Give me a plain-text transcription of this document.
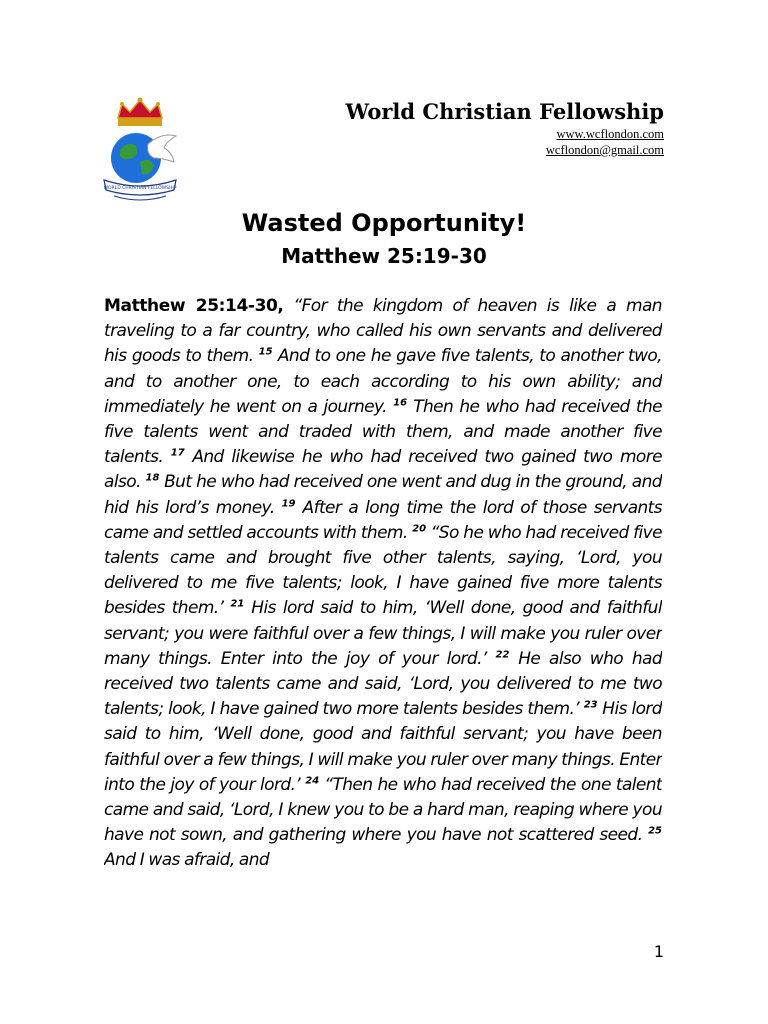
WORLD CHRISTIAN FELLOWSHIP
World Christian Fellowship
www.wcflondon.com
wcflondon@gmail.com
Wasted Opportunity!
Matthew 25:19-30
Matthew 25:14-30, “For the kingdom of heaven is like a man traveling to a far country, who called his own servants and delivered his goods to them. $^{15}$ And to one he gave five talents, to another two, and to another one, to each according to his own ability; and immediately he went on a journey. $^{16}$ Then he who had received the five talents went and traded with them, and made another five talents. $^{17}$ And likewise he who had received two gained two more also. $^{18}$ But he who had received one went and dug in the ground, and hid his lord’s money. $^{19}$ After a long time the lord of those servants came and settled accounts with them. $^{20}$ “So he who had received five talents came and brought five other talents, saying, ‘Lord, you delivered to me five talents; look, I have gained five more talents besides them.’ $^{21}$ His lord said to him, ‘Well done, good and faithful servant; you were faithful over a few things, I will make you ruler over many things. Enter into the joy of your lord.’ $^{22}$ He also who had received two talents came and said, ‘Lord, you delivered to me two talents; look, I have gained two more talents besides them.’ $^{23}$ His lord said to him, ‘Well done, good and faithful servant; you have been faithful over a few things, I will make you ruler over many things. Enter into the joy of your lord.’ $^{24}$ “Then he who had received the one talent came and said, ‘Lord, I knew you to be a hard man, reaping where you have not sown, and gathering where you have not scattered seed. $^{25}$ And I was afraid, and
1
